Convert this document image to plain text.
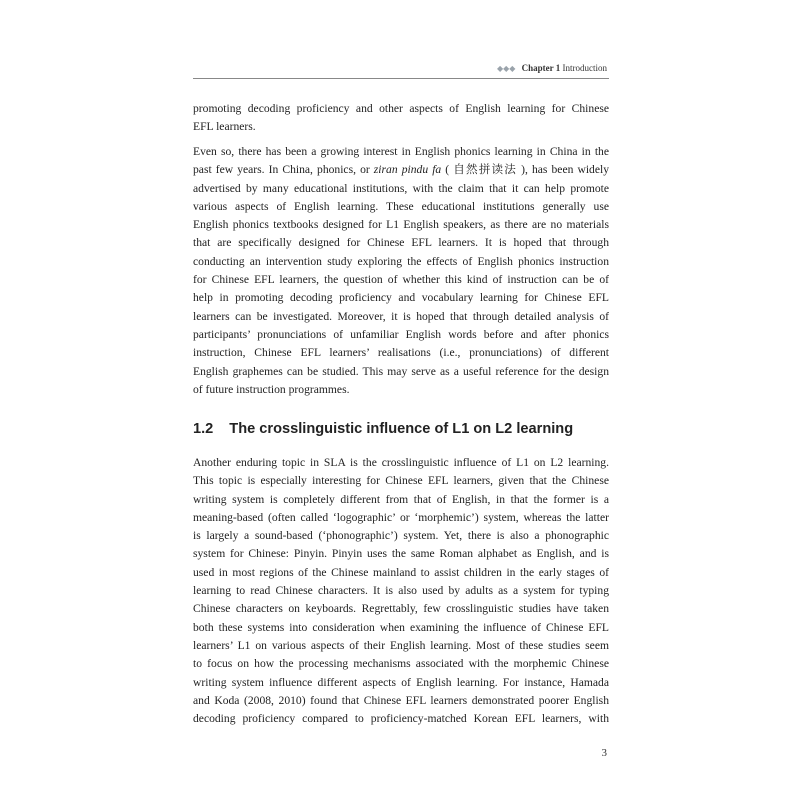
◆◆◆ Chapter 1 Introduction
promoting decoding proficiency and other aspects of English learning for Chinese
EFL learners.
Even so, there has been a growing interest in English phonics learning in China in the
past few years. In China, phonics, or ziran pindu fa ( 自然拼读法 ), has been widely
advertised by many educational institutions, with the claim that it can help promote
various aspects of English learning. These educational institutions generally use
English phonics textbooks designed for L1 English speakers, as there are no materials
that are specifically designed for Chinese EFL learners. It is hoped that through
conducting an intervention study exploring the effects of English phonics instruction
for Chinese EFL learners, the question of whether this kind of instruction can be of
help in promoting decoding proficiency and vocabulary learning for Chinese EFL
learners can be investigated. Moreover, it is hoped that through detailed analysis of
participants’ pronunciations of unfamiliar English words before and after phonics
instruction, Chinese EFL learners’ realisations (i.e., pronunciations) of different
English graphemes can be studied. This may serve as a useful reference for the design
of future instruction programmes.
1.2 The crosslinguistic influence of L1 on L2 learning
Another enduring topic in SLA is the crosslinguistic influence of L1 on L2 learning.
This topic is especially interesting for Chinese EFL learners, given that the Chinese
writing system is completely different from that of English, in that the former is a
meaning-based (often called ‘logographic’ or ‘morphemic’) system, whereas the latter
is largely a sound-based (‘phonographic’) system. Yet, there is also a phonographic
system for Chinese: Pinyin. Pinyin uses the same Roman alphabet as English, and is
used in most regions of the Chinese mainland to assist children in the early stages of
learning to read Chinese characters. It is also used by adults as a system for typing
Chinese characters on keyboards. Regrettably, few crosslinguistic studies have taken
both these systems into consideration when examining the influence of Chinese EFL
learners’ L1 on various aspects of their English learning. Most of these studies seem
to focus on how the processing mechanisms associated with the morphemic Chinese
writing system influence different aspects of English learning. For instance, Hamada
and Koda (2008, 2010) found that Chinese EFL learners demonstrated poorer English
decoding proficiency compared to proficiency-matched Korean EFL learners, with
3
